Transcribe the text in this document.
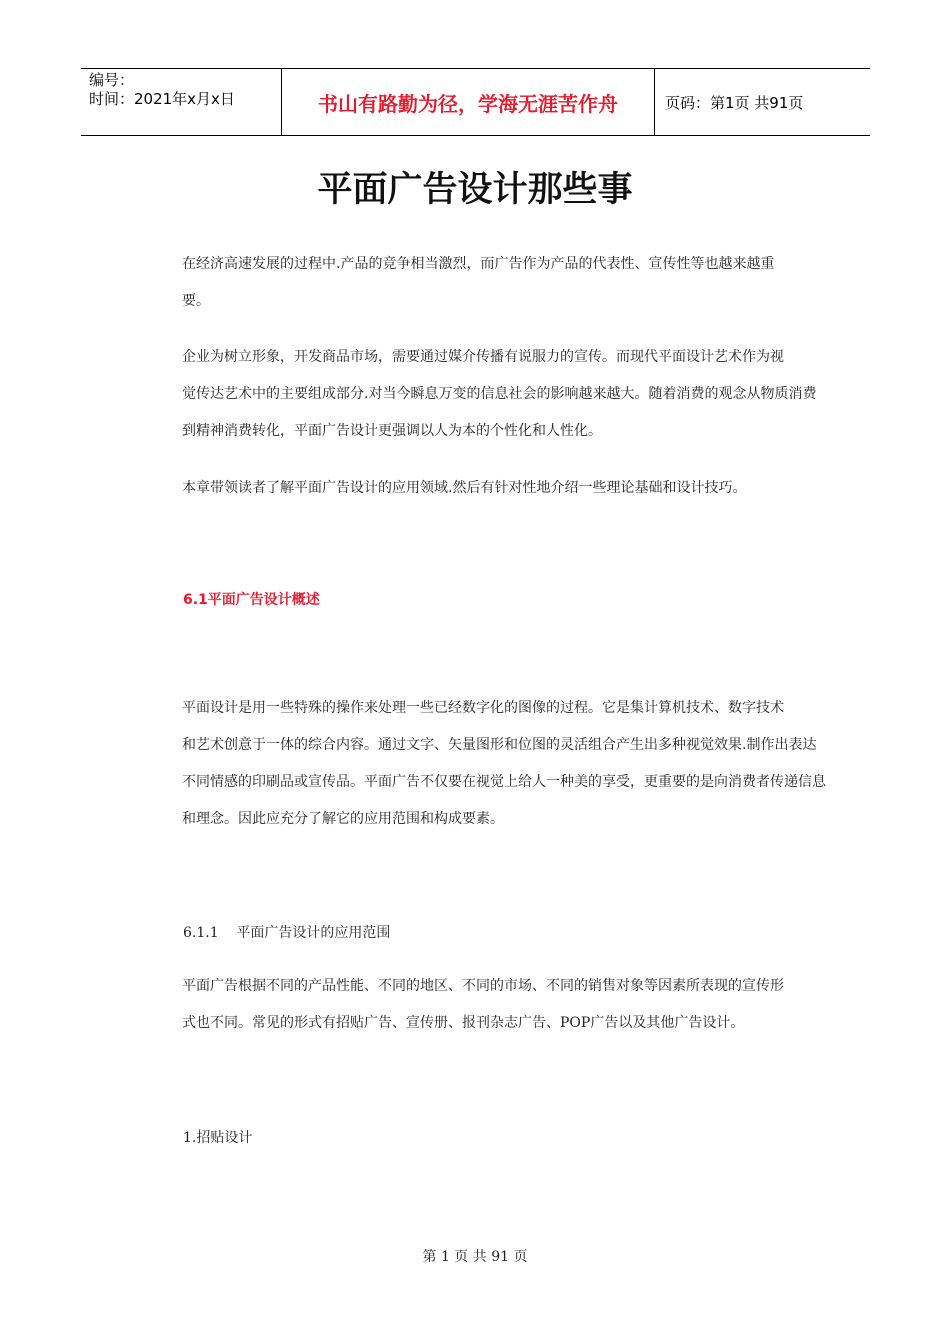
编号：
时间：2021年x月x日	书山有路勤为径，学海无涯苦作舟	页码：第1页 共91页
平面广告设计那些事

在经济高速发展的过程中.产品的竞争相当激烈，而广告作为产品的代表性、宣传性等也越来越重
要。

企业为树立形象，开发商品市场，需要通过媒介传播有说服力的宣传。而现代平面设计艺术作为视
觉传达艺术中的主要组成部分.对当今瞬息万变的信息社会的影响越来越大。随着消费的观念从物质消费
到精神消费转化，平面广告设计更强调以人为本的个性化和人性化。

本章带领读者了解平面广告设计的应用领域.然后有针对性地介绍一些理论基础和设计技巧。

6.1平面广告设计概述

平面设计是用一些特殊的操作来处理一些已经数字化的图像的过程。它是集计算机技术、数字技术
和艺术创意于一体的综合内容。通过文字、矢量图形和位图的灵活组合产生出多种视觉效果.制作出表达
不同情感的印刷品或宣传品。平面广告不仅要在视觉上给人一种美的享受，更重要的是向消费者传递信息
和理念。因此应充分了解它的应用范围和构成要素。

6.1.1    平面广告设计的应用范围

平面广告根据不同的产品性能、不同的地区、不同的市场、不同的销售对象等因素所表现的宣传形
式也不同。常见的形式有招贴广告、宣传册、报刊杂志广告、POP广告以及其他广告设计。

1.招贴设计
第 1 页 共 91 页
